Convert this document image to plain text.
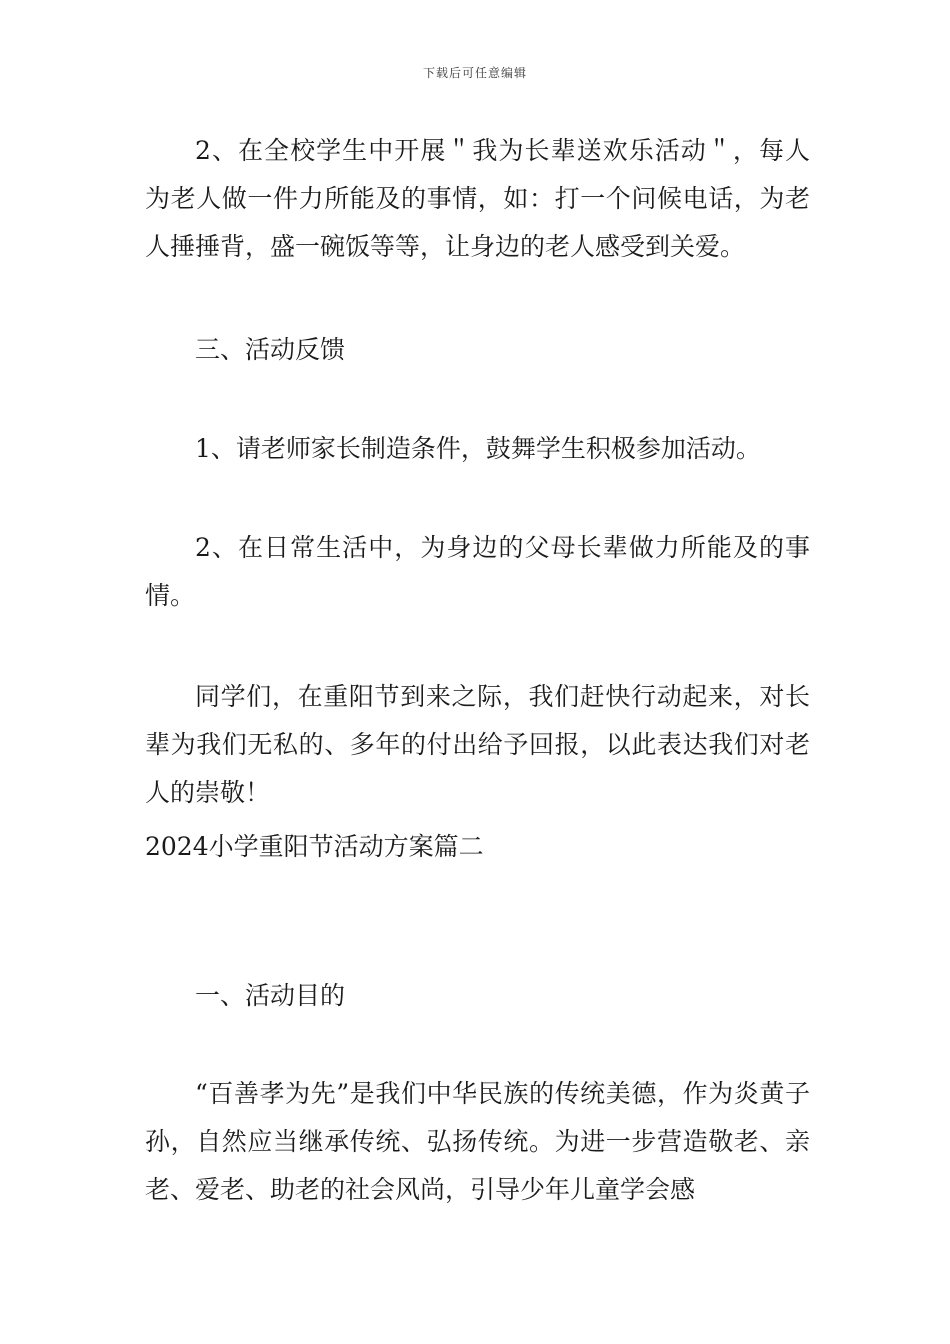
下载后可任意编辑

2、在全校学生中开展＂我为长辈送欢乐活动＂，每人为老人做一件力所能及的事情，如：打一个问候电话，为老人捶捶背，盛一碗饭等等，让身边的老人感受到关爱。

三、活动反馈

1、请老师家长制造条件，鼓舞学生积极参加活动。

2、在日常生活中，为身边的父母长辈做力所能及的事情。

同学们，在重阳节到来之际，我们赶快行动起来，对长辈为我们无私的、多年的付出给予回报，以此表达我们对老人的崇敬！

2024小学重阳节活动方案篇二

一、活动目的

“百善孝为先”是我们中华民族的传统美德，作为炎黄子孙，自然应当继承传统、弘扬传统。为进一步营造敬老、亲老、爱老、助老的社会风尚，引导少年儿童学会感
